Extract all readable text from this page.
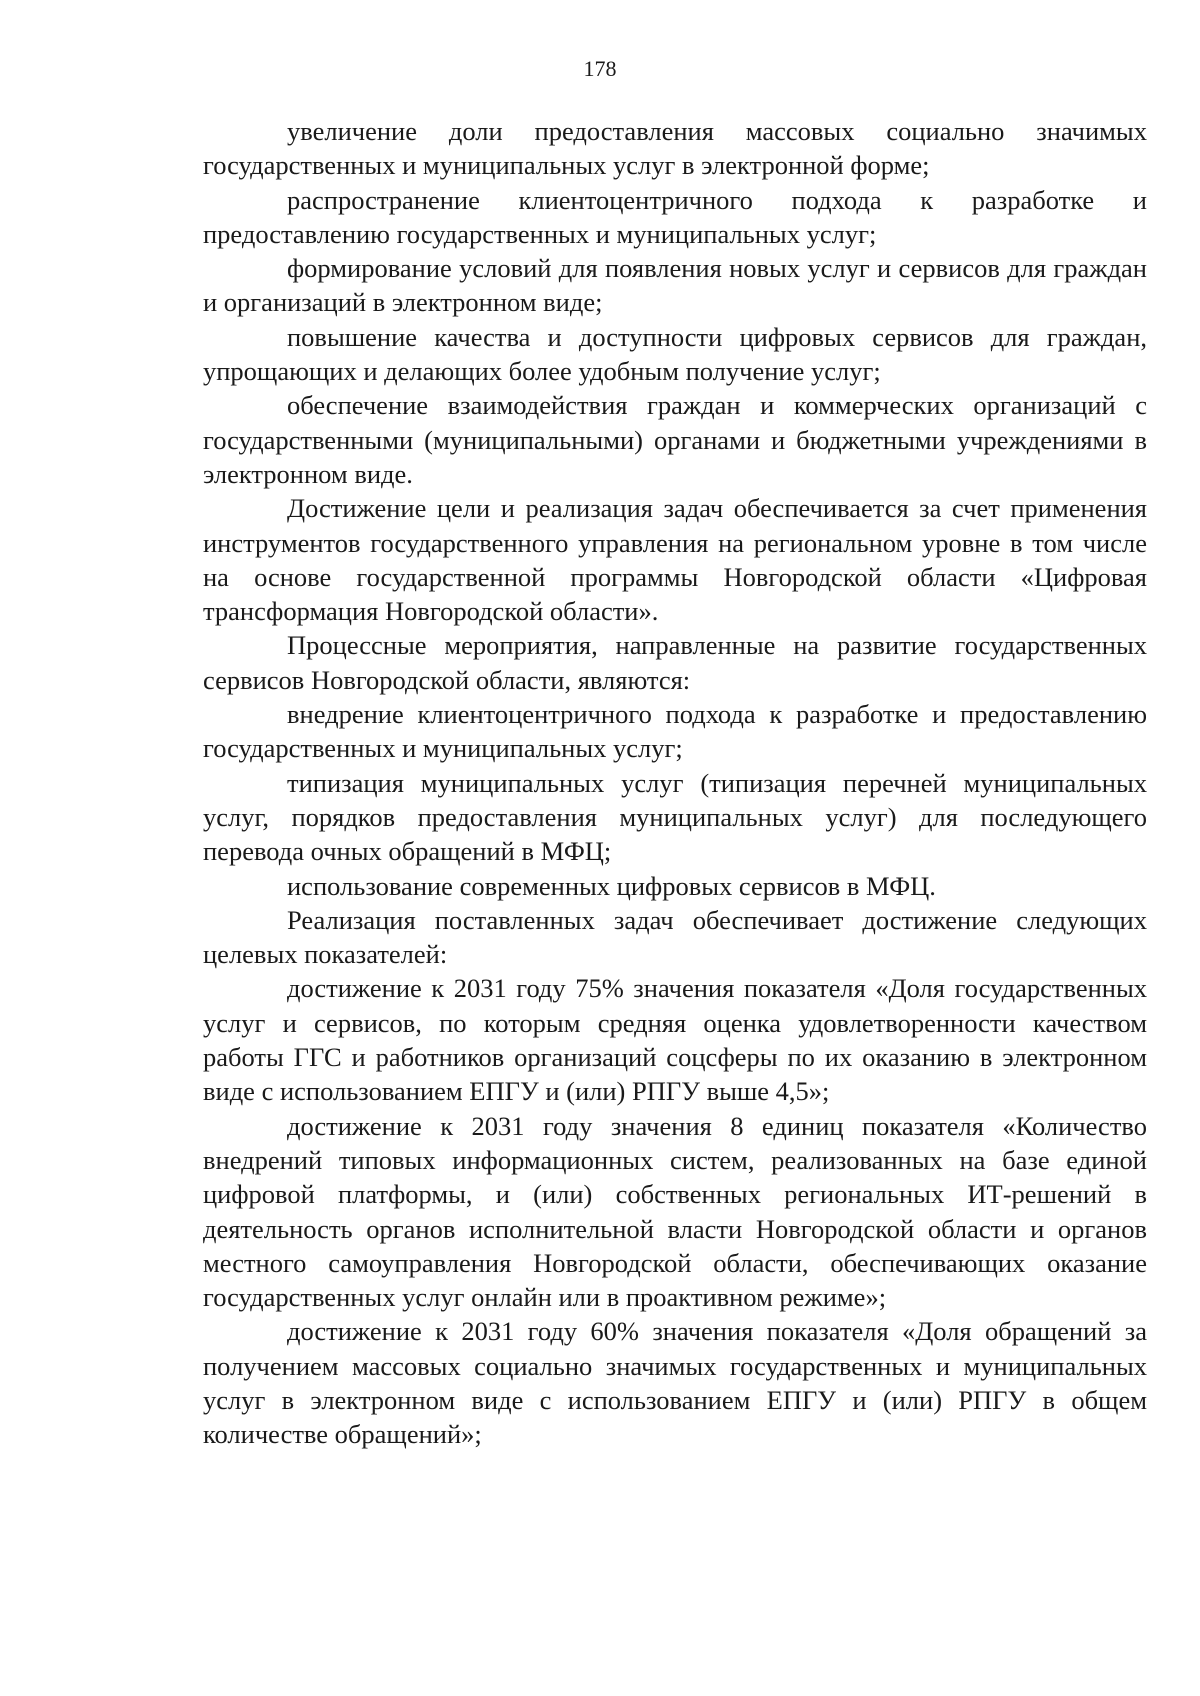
178

увеличение доли предоставления массовых социально значимых государственных и муниципальных услуг в электронной форме;

распространение клиентоцентричного подхода к разработке и предоставлению государственных и муниципальных услуг;

формирование условий для появления новых услуг и сервисов для граждан и организаций в электронном виде;

повышение качества и доступности цифровых сервисов для граждан, упрощающих и делающих более удобным получение услуг;

обеспечение взаимодействия граждан и коммерческих организаций с государственными (муниципальными) органами и бюджетными учреждениями в электронном виде.

Достижение цели и реализация задач обеспечивается за счет применения инструментов государственного управления на региональном уровне в том числе на основе государственной программы Новгородской области «Цифровая трансформация Новгородской области».

Процессные мероприятия, направленные на развитие государственных сервисов Новгородской области, являются:

внедрение клиентоцентричного подхода к разработке и предоставлению государственных и муниципальных услуг;

типизация муниципальных услуг (типизация перечней муниципальных услуг, порядков предоставления муниципальных услуг) для последующего перевода очных обращений в МФЦ;

использование современных цифровых сервисов в МФЦ.

Реализация поставленных задач обеспечивает достижение следующих целевых показателей:

достижение к 2031 году 75% значения показателя «Доля государственных услуг и сервисов, по которым средняя оценка удовлетворенности качеством работы ГГС и работников организаций соцсферы по их оказанию в электронном виде с использованием ЕПГУ и (или) РПГУ выше 4,5»;

достижение к 2031 году значения 8 единиц показателя «Количество внедрений типовых информационных систем, реализованных на базе единой цифровой платформы, и (или) собственных региональных ИТ-решений в деятельность органов исполнительной власти Новгородской области и органов местного самоуправления Новгородской области, обеспечивающих оказание государственных услуг онлайн или в проактивном режиме»;

достижение к 2031 году 60% значения показателя «Доля обращений за получением массовых социально значимых государственных и муниципальных услуг в электронном виде с использованием ЕПГУ и (или) РПГУ в общем количестве обращений»;
